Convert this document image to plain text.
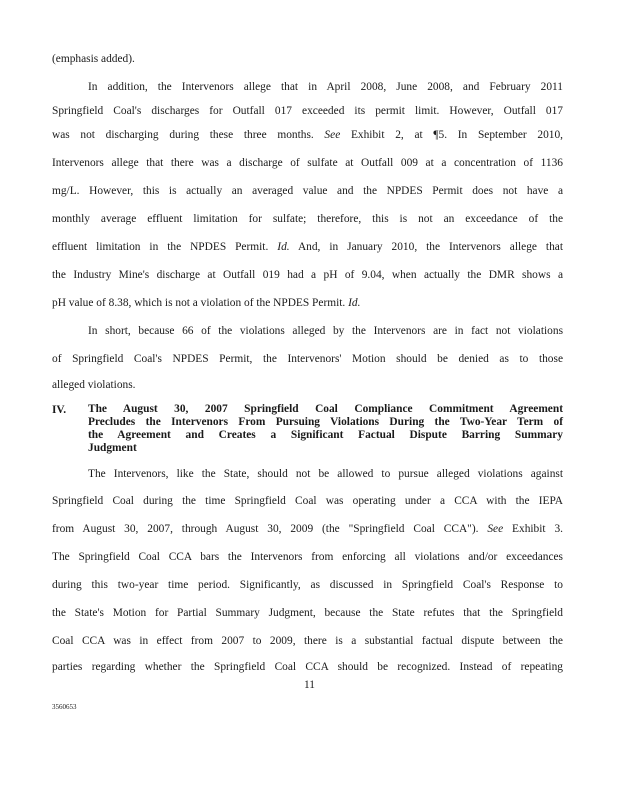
(emphasis added).
In addition, the Intervenors allege that in April 2008, June 2008, and February 2011
Springfield Coal's discharges for Outfall 017 exceeded its permit limit. However, Outfall 017
was not discharging during these three months. See Exhibit 2, at ¶5. In September 2010,
Intervenors allege that there was a discharge of sulfate at Outfall 009 at a concentration of 1136
mg/L. However, this is actually an averaged value and the NPDES Permit does not have a
monthly average effluent limitation for sulfate; therefore, this is not an exceedance of the
effluent limitation in the NPDES Permit. Id. And, in January 2010, the Intervenors allege that
the Industry Mine's discharge at Outfall 019 had a pH of 9.04, when actually the DMR shows a
pH value of 8.38, which is not a violation of the NPDES Permit. Id.
In short, because 66 of the violations alleged by the Intervenors are in fact not violations
of Springfield Coal's NPDES Permit, the Intervenors' Motion should be denied as to those
alleged violations.
IV. The August 30, 2007 Springfield Coal Compliance Commitment Agreement
Precludes the Intervenors From Pursuing Violations During the Two-Year Term of
the Agreement and Creates a Significant Factual Dispute Barring Summary
Judgment
The Intervenors, like the State, should not be allowed to pursue alleged violations against
Springfield Coal during the time Springfield Coal was operating under a CCA with the IEPA
from August 30, 2007, through August 30, 2009 (the "Springfield Coal CCA"). See Exhibit 3.
The Springfield Coal CCA bars the Intervenors from enforcing all violations and/or exceedances
during this two-year time period. Significantly, as discussed in Springfield Coal's Response to
the State's Motion for Partial Summary Judgment, because the State refutes that the Springfield
Coal CCA was in effect from 2007 to 2009, there is a substantial factual dispute between the
parties regarding whether the Springfield Coal CCA should be recognized. Instead of repeating
11
3560653
